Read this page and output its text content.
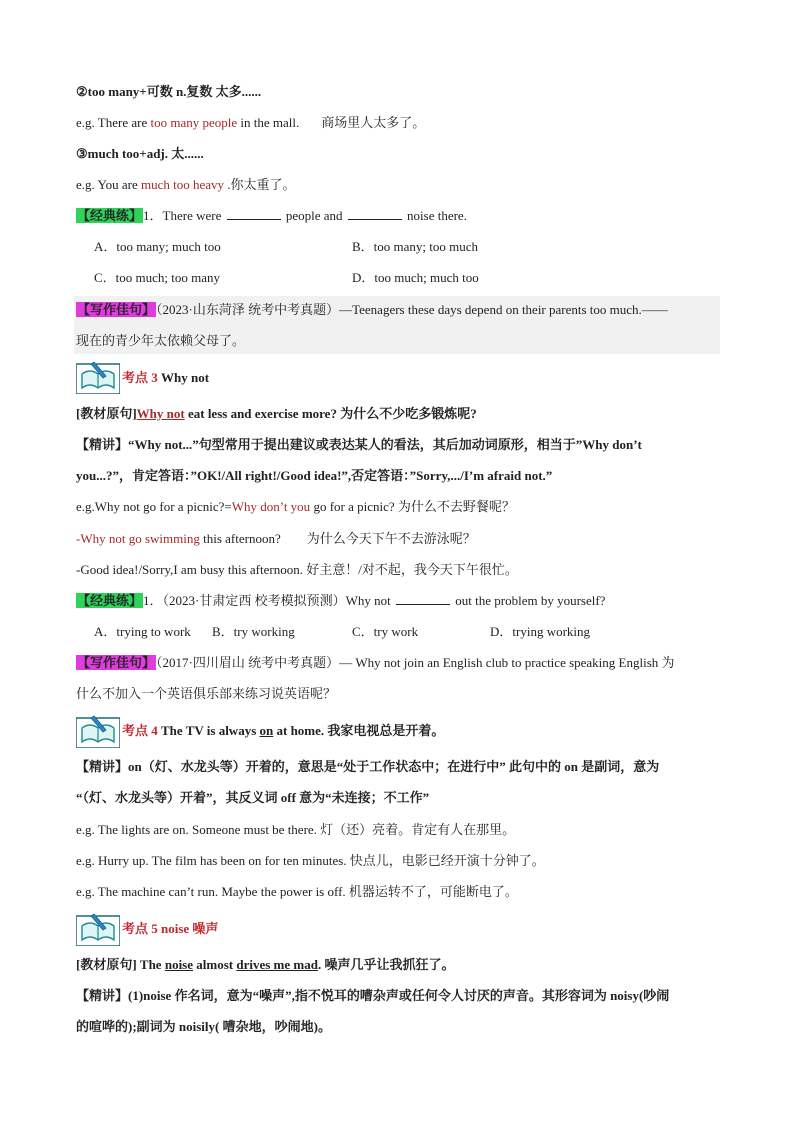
②too many+可数 n.复数 太多......
e.g. There are too many people in the mall. 商场里人太多了。
③much too+adj. 太......
e.g. You are much too heavy .你太重了。
【经典练】1．There were	people and	noise there.
A．too many; much too	B．too many; too much
C．too much; too many	D．too much; much too
【写作佳句】（2023·山东菏泽 统考中考真题）—Teenagers these days depend on their parents too much.——
现在的青少年太依赖父母了。
考点 3 Why not
[教材原句]Why not eat less and exercise more? 为什么不少吃多锻炼呢?
【精讲】“Why not...”句型常用于提出建议或表达某人的看法，其后加动词原形，相当于”Why don’t
you...?”，肯定答语：”OK!/All right!/Good idea!”,否定答语：”Sorry,.../I’m afraid not.”
e.g.Why not go for a picnic?=Why don’t you go for a picnic? 为什么不去野餐呢？
-Why not go swimming this afternoon? 为什么今天下午不去游泳呢？
-Good idea!/Sorry,I am busy this afternoon. 好主意！/对不起，我今天下午很忙。
【经典练】1．（2023·甘肃定西 校考模拟预测）Why not	out the problem by yourself?
A．trying to work B．try working	C．try work	D．trying working
【写作佳句】（2017·四川眉山 统考中考真题）— Why not join an English club to practice speaking English 为
什么不加入一个英语俱乐部来练习说英语呢？
考点 4 The TV is always on at home. 我家电视总是开着。
【精讲】on（灯、水龙头等）开着的，意思是“处于工作状态中；在进行中” 此句中的 on 是副词，意为
“（灯、水龙头等）开着”，其反义词 off 意为“未连接；不工作”
e.g. The lights are on. Someone must be there. 灯（还）亮着。肯定有人在那里。
e.g. Hurry up. The film has been on for ten minutes. 快点儿，电影已经开演十分钟了。
e.g. The machine can’t run. Maybe the power is off. 机器运转不了，可能断电了。
考点 5 noise 噪声
[教材原句] The noise almost drives me mad. 噪声几乎让我抓狂了。
【精讲】(1)noise 作名词，意为“噪声”,指不悦耳的嘈杂声或任何令人讨厌的声音。其形容词为 noisy(吵闹
的喧哗的);副词为 noisily( 嘈杂地，吵闹地)。
